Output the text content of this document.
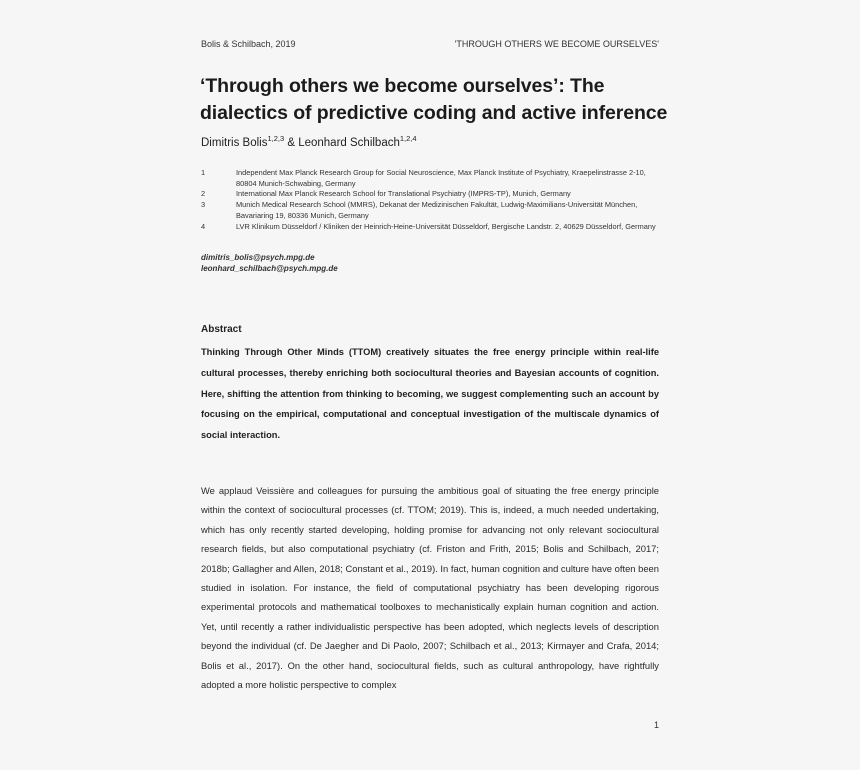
Bolis & Schilbach, 2019	'THROUGH OTHERS WE BECOME OURSELVES'
‘Through others we become ourselves’: The dialectics of predictive coding and active inference
Dimitris Bolis$^{1,2,3}$ & Leonhard Schilbach$^{1,2,4}$
1	Independent Max Planck Research Group for Social Neuroscience, Max Planck Institute of Psychiatry, Kraepelinstrasse 2-10, 80804 Munich-Schwabing, Germany
2	International Max Planck Research School for Translational Psychiatry (IMPRS-TP), Munich, Germany
3	Munich Medical Research School (MMRS), Dekanat der Medizinischen Fakultät, Ludwig-Maximilians-Universität München, Bavariaring 19, 80336 Munich, Germany
4	LVR Klinikum Düsseldorf / Kliniken der Heinrich-Heine-Universität Düsseldorf, Bergische Landstr. 2, 40629 Düsseldorf, Germany
dimitris_bolis@psych.mpg.de
leonhard_schilbach@psych.mpg.de
Abstract
Thinking Through Other Minds (TTOM) creatively situates the free energy principle within real-life cultural processes, thereby enriching both sociocultural theories and Bayesian accounts of cognition. Here, shifting the attention from thinking to becoming, we suggest complementing such an account by focusing on the empirical, computational and conceptual investigation of the multiscale dynamics of social interaction.
We applaud Veissière and colleagues for pursuing the ambitious goal of situating the free energy principle within the context of sociocultural processes (cf. TTOM; 2019). This is, indeed, a much needed undertaking, which has only recently started developing, holding promise for advancing not only relevant sociocultural research fields, but also computational psychiatry (cf. Friston and Frith, 2015; Bolis and Schilbach, 2017; 2018b; Gallagher and Allen, 2018; Constant et al., 2019). In fact, human cognition and culture have often been studied in isolation. For instance, the field of computational psychiatry has been developing rigorous experimental protocols and mathematical toolboxes to mechanistically explain human cognition and action. Yet, until recently a rather individualistic perspective has been adopted, which neglects levels of description beyond the individual (cf. De Jaegher and Di Paolo, 2007; Schilbach et al., 2013; Kirmayer and Crafa, 2014; Bolis et al., 2017). On the other hand, sociocultural fields, such as cultural anthropology, have rightfully adopted a more holistic perspective to complex
1
